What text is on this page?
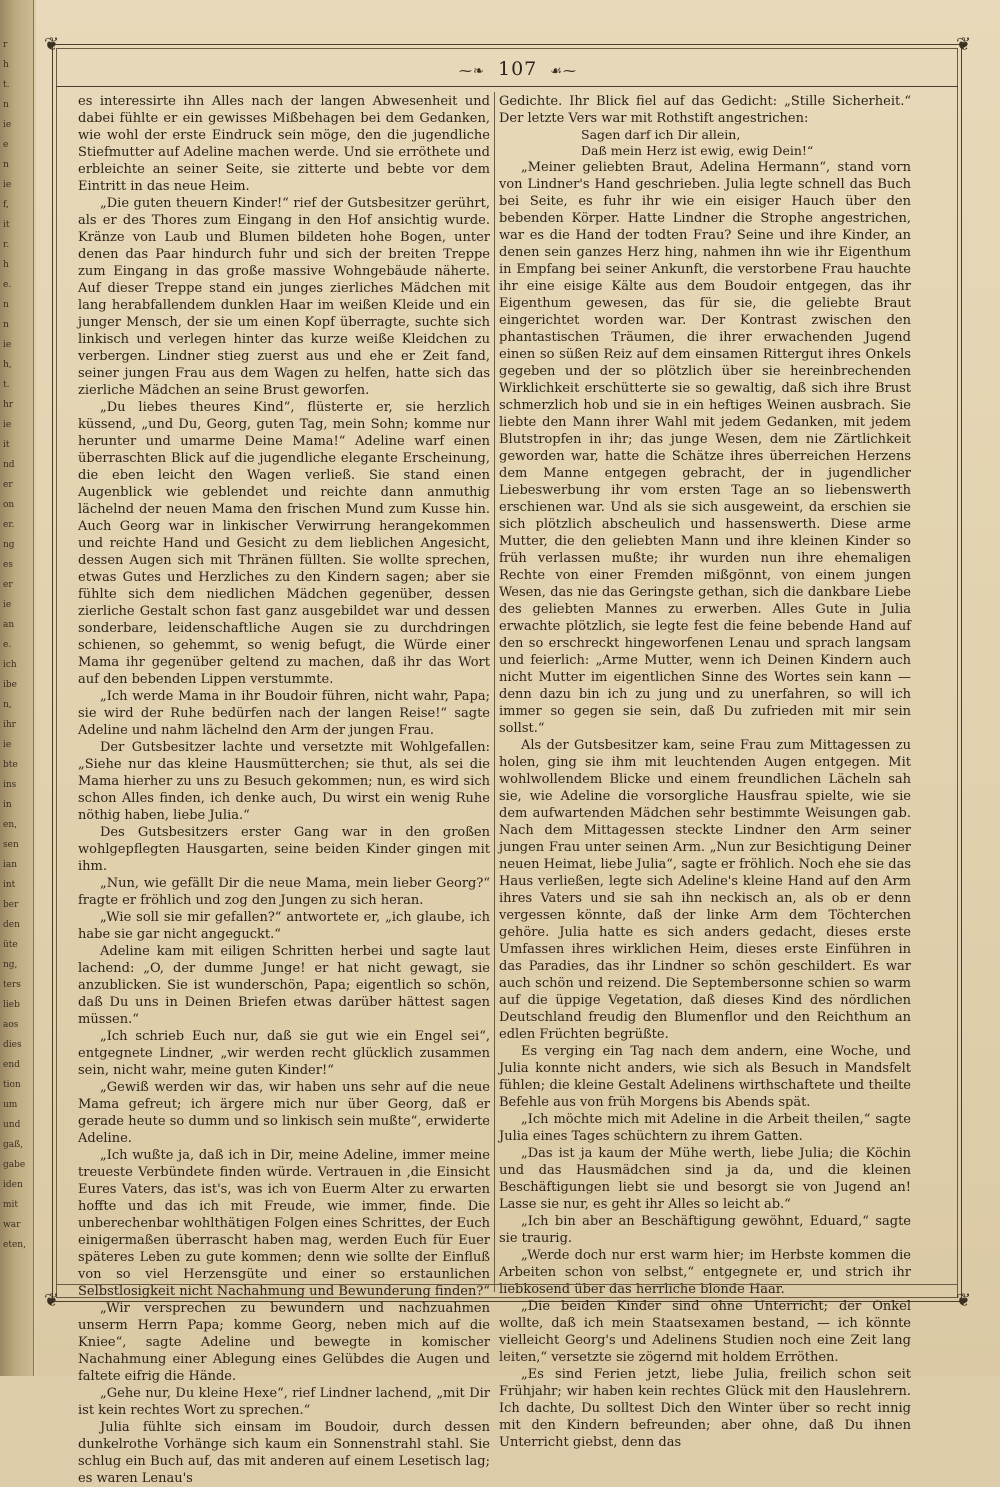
r
h
t.
n
ie
e
n
ie
f,
it
r.
h
e.
n
n
ie
h,
t.
hr
ie
it
nd
er
on
er.
ng
es
er
ie
an
e.
ich
ibe
n,
ihr
ie
bte
ins
in
en,
sen
ian
int
ber
den
üte
ng,
ters
lieb
aos
dies
end
tion
um
und
gaß,
gabe
iden
mit
war
eten,
❦	❦
❦	❦
⁓❧ 107 ☙⁓

es interessirte ihn Alles nach der langen Abwesenheit und dabei fühlte er ein gewisses Mißbehagen bei dem Gedanken, wie wohl der erste Eindruck sein möge, den die jugendliche Stiefmutter auf Adeline machen werde. Und sie erröthete und erbleichte an seiner Seite, sie zitterte und bebte vor dem Eintritt in das neue Heim.

„Die guten theuern Kinder!“ rief der Gutsbesitzer gerührt, als er des Thores zum Eingang in den Hof ansichtig wurde. Kränze von Laub und Blumen bildeten hohe Bogen, unter denen das Paar hindurch fuhr und sich der breiten Treppe zum Eingang in das große massive Wohngebäude näherte. Auf dieser Treppe stand ein junges zierliches Mädchen mit lang herabfallendem dunklen Haar im weißen Kleide und ein junger Mensch, der sie um einen Kopf überragte, suchte sich linkisch und verlegen hinter das kurze weiße Kleidchen zu verbergen. Lindner stieg zuerst aus und ehe er Zeit fand, seiner jungen Frau aus dem Wagen zu helfen, hatte sich das zierliche Mädchen an seine Brust geworfen.

„Du liebes theures Kind“, flüsterte er, sie herzlich küssend, „und Du, Georg, guten Tag, mein Sohn; komme nur herunter und umarme Deine Mama!“ Adeline warf einen überraschten Blick auf die jugendliche elegante Erscheinung, die eben leicht den Wagen verließ. Sie stand einen Augenblick wie geblendet und reichte dann anmuthig lächelnd der neuen Mama den frischen Mund zum Kusse hin. Auch Georg war in linkischer Verwirrung herangekommen und reichte Hand und Gesicht zu dem lieblichen Angesicht, dessen Augen sich mit Thränen füllten. Sie wollte sprechen, etwas Gutes und Herzliches zu den Kindern sagen; aber sie fühlte sich dem niedlichen Mädchen gegenüber, dessen zierliche Gestalt schon fast ganz ausgebildet war und dessen sonderbare, leidenschaftliche Augen sie zu durchdringen schienen, so gehemmt, so wenig befugt, die Würde einer Mama ihr gegenüber geltend zu machen, daß ihr das Wort auf den bebenden Lippen verstummte.

„Ich werde Mama in ihr Boudoir führen, nicht wahr, Papa; sie wird der Ruhe bedürfen nach der langen Reise!“ sagte Adeline und nahm lächelnd den Arm der jungen Frau.

Der Gutsbesitzer lachte und versetzte mit Wohlgefallen: „Siehe nur das kleine Hausmütterchen; sie thut, als sei die Mama hierher zu uns zu Besuch gekommen; nun, es wird sich schon Alles finden, ich denke auch, Du wirst ein wenig Ruhe nöthig haben, liebe Julia.“

Des Gutsbesitzers erster Gang war in den großen wohlgepflegten Hausgarten, seine beiden Kinder gingen mit ihm.

„Nun, wie gefällt Dir die neue Mama, mein lieber Georg?“ fragte er fröhlich und zog den Jungen zu sich heran.

„Wie soll sie mir gefallen?“ antwortete er, „ich glaube, ich habe sie gar nicht angeguckt.“

Adeline kam mit eiligen Schritten herbei und sagte laut lachend: „O, der dumme Junge! er hat nicht gewagt, sie anzublicken. Sie ist wunderschön, Papa; eigentlich so schön, daß Du uns in Deinen Briefen etwas darüber hättest sagen müssen.“

„Ich schrieb Euch nur, daß sie gut wie ein Engel sei“, entgegnete Lindner, „wir werden recht glücklich zusammen sein, nicht wahr, meine guten Kinder!“

„Gewiß werden wir das, wir haben uns sehr auf die neue Mama gefreut; ich ärgere mich nur über Georg, daß er gerade heute so dumm und so linkisch sein mußte“, erwiderte Adeline.

„Ich wußte ja, daß ich in Dir, meine Adeline, immer meine treueste Verbündete finden würde. Vertrauen in ‚die Einsicht Eures Vaters, das ist's, was ich von Euerm Alter zu erwarten hoffte und das ich mit Freude, wie immer, finde. Die unberechenbar wohlthätigen Folgen eines Schrittes, der Euch einigermaßen überrascht haben mag, werden Euch für Euer späteres Leben zu gute kommen; denn wie sollte der Einfluß von so viel Herzensgüte und einer so erstaunlichen Selbstlosigkeit nicht Nachahmung und Bewunderung finden?“

„Wir versprechen zu bewundern und nachzuahmen unserm Herrn Papa; komme Georg, neben mich auf die Kniee“, sagte Adeline und bewegte in komischer Nachahmung einer Ablegung eines Gelübdes die Augen und faltete eifrig die Hände.

„Gehe nur, Du kleine Hexe“, rief Lindner lachend, „mit Dir ist kein rechtes Wort zu sprechen.“

Julia fühlte sich einsam im Boudoir, durch dessen dunkelrothe Vorhänge sich kaum ein Sonnenstrahl stahl. Sie schlug ein Buch auf, das mit anderen auf einem Lesetisch lag; es waren Lenau's

Gedichte. Ihr Blick fiel auf das Gedicht: „Stille Sicherheit.“ Der letzte Vers war mit Rothstift angestrichen:

Sagen darf ich Dir allein,

Daß mein Herz ist ewig, ewig Dein!“

„Meiner geliebten Braut, Adelina Hermann“, stand vorn von Lindner's Hand geschrieben. Julia legte schnell das Buch bei Seite, es fuhr ihr wie ein eisiger Hauch über den bebenden Körper. Hatte Lindner die Strophe angestrichen, war es die Hand der todten Frau? Seine und ihre Kinder, an denen sein ganzes Herz hing, nahmen ihn wie ihr Eigenthum in Empfang bei seiner Ankunft, die verstorbene Frau hauchte ihr eine eisige Kälte aus dem Boudoir entgegen, das ihr Eigenthum gewesen, das für sie, die geliebte Braut eingerichtet worden war. Der Kontrast zwischen den phantastischen Träumen, die ihrer erwachenden Jugend einen so süßen Reiz auf dem einsamen Rittergut ihres Onkels gegeben und der so plötzlich über sie hereinbrechenden Wirklichkeit erschütterte sie so gewaltig, daß sich ihre Brust schmerzlich hob und sie in ein heftiges Weinen ausbrach. Sie liebte den Mann ihrer Wahl mit jedem Gedanken, mit jedem Blutstropfen in ihr; das junge Wesen, dem nie Zärtlichkeit geworden war, hatte die Schätze ihres überreichen Herzens dem Manne entgegen gebracht, der in jugendlicher Liebeswerbung ihr vom ersten Tage an so liebenswerth erschienen war. Und als sie sich ausgeweint, da erschien sie sich plötzlich abscheulich und hassenswerth. Diese arme Mutter, die den geliebten Mann und ihre kleinen Kinder so früh verlassen mußte; ihr wurden nun ihre ehemaligen Rechte von einer Fremden mißgönnt, von einem jungen Wesen, das nie das Geringste gethan, sich die dankbare Liebe des geliebten Mannes zu erwerben. Alles Gute in Julia erwachte plötzlich, sie legte fest die feine bebende Hand auf den so erschreckt hingeworfenen Lenau und sprach langsam und feierlich: „Arme Mutter, wenn ich Deinen Kindern auch nicht Mutter im eigentlichen Sinne des Wortes sein kann — denn dazu bin ich zu jung und zu unerfahren, so will ich immer so gegen sie sein, daß Du zufrieden mit mir sein sollst.“

Als der Gutsbesitzer kam, seine Frau zum Mittagessen zu holen, ging sie ihm mit leuchtenden Augen entgegen. Mit wohlwollendem Blicke und einem freundlichen Lächeln sah sie, wie Adeline die vorsorgliche Hausfrau spielte, wie sie dem aufwartenden Mädchen sehr bestimmte Weisungen gab. Nach dem Mittagessen steckte Lindner den Arm seiner jungen Frau unter seinen Arm. „Nun zur Besichtigung Deiner neuen Heimat, liebe Julia“, sagte er fröhlich. Noch ehe sie das Haus verließen, legte sich Adeline's kleine Hand auf den Arm ihres Vaters und sie sah ihn neckisch an, als ob er denn vergessen könnte, daß der linke Arm dem Töchterchen gehöre. Julia hatte es sich anders gedacht, dieses erste Umfassen ihres wirklichen Heim, dieses erste Einführen in das Paradies, das ihr Lindner so schön geschildert. Es war auch schön und reizend. Die Septembersonne schien so warm auf die üppige Vegetation, daß dieses Kind des nördlichen Deutschland freudig den Blumenflor und den Reichthum an edlen Früchten begrüßte.

Es verging ein Tag nach dem andern, eine Woche, und Julia konnte nicht anders, wie sich als Besuch in Mandsfelt fühlen; die kleine Gestalt Adelinens wirthschaftete und theilte Befehle aus von früh Morgens bis Abends spät.

„Ich möchte mich mit Adeline in die Arbeit theilen,“ sagte Julia eines Tages schüchtern zu ihrem Gatten.

„Das ist ja kaum der Mühe werth, liebe Julia; die Köchin und das Hausmädchen sind ja da, und die kleinen Beschäftigungen liebt sie und besorgt sie von Jugend an! Lasse sie nur, es geht ihr Alles so leicht ab.“

„Ich bin aber an Beschäftigung gewöhnt, Eduard,“ sagte sie traurig.

„Werde doch nur erst warm hier; im Herbste kommen die Arbeiten schon von selbst,“ entgegnete er, und strich ihr liebkosend über das herrliche blonde Haar.

„Die beiden Kinder sind ohne Unterricht; der Onkel wollte, daß ich mein Staatsexamen bestand, — ich könnte vielleicht Georg's und Adelinens Studien noch eine Zeit lang leiten,“ versetzte sie zögernd mit holdem Erröthen.

„Es sind Ferien jetzt, liebe Julia, freilich schon seit Frühjahr; wir haben kein rechtes Glück mit den Hauslehrern. Ich dachte, Du solltest Dich den Winter über so recht innig mit den Kindern befreunden; aber ohne, daß Du ihnen Unterricht giebst, denn das
